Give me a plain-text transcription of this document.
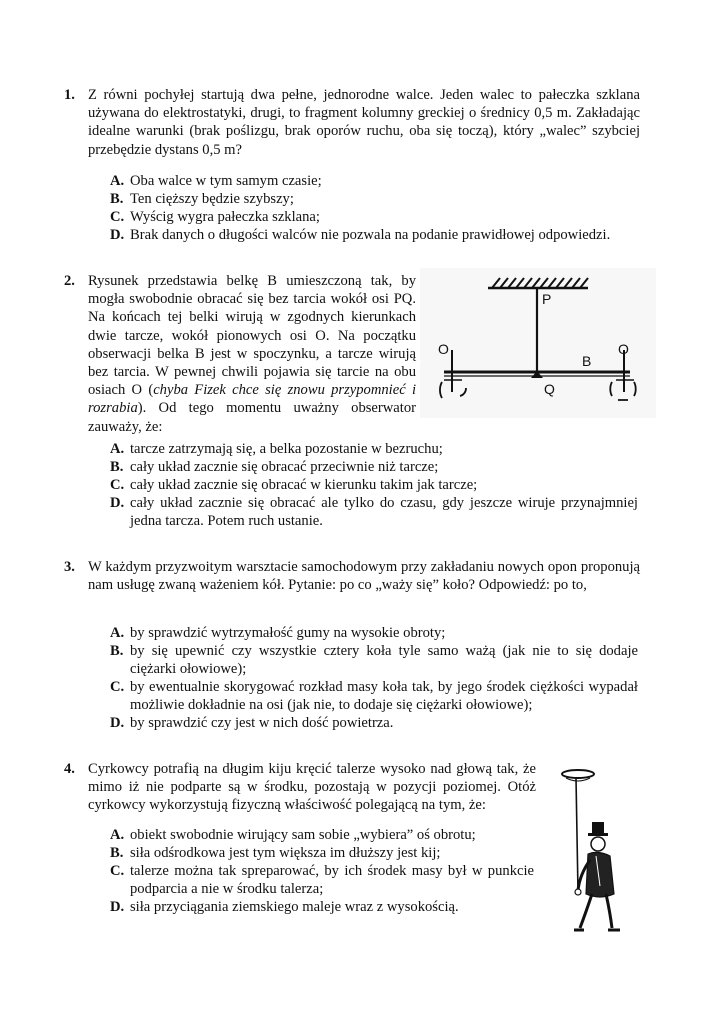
1. Z równi pochyłej startują dwa pełne, jednorodne walce. Jeden walec to pałeczka szklana używana do elektrostatyki, drugi, to fragment kolumny greckiej o średnicy 0,5 m. Zakładając idealne warunki (brak poślizgu, brak oporów ruchu, oba się toczą), który „walec” szybciej przebędzie dystans 0,5 m?
A. Oba walce w tym samym czasie;
B. Ten cięższy będzie szybszy;
C. Wyścig wygra pałeczka szklana;
D. Brak danych o długości walców nie pozwala na podanie prawidłowej odpowiedzi.
2. Rysunek przedstawia belkę B umieszczoną tak, by mogła swobodnie obracać się bez tarcia wokół osi PQ. Na końcach tej belki wirują w zgodnych kierunkach dwie tarcze, wokół pionowych osi O. Na początku obserwacji belka B jest w spoczynku, a tarcze wirują bez tarcia. W pewnej chwili pojawia się tarcie na obu osiach O (chyba Fizek chce się znowu przypomnieć i rozrabia). Od tego momentu uważny obserwator zauważy, że:
A. tarcze zatrzymają się, a belka pozostanie w bezruchu;
B. cały układ zacznie się obracać przeciwnie niż tarcze;
C. cały układ zacznie się obracać w kierunku takim jak tarcze;
D. cały układ zacznie się obracać ale tylko do czasu, gdy jeszcze wiruje przynajmniej jedna tarcza. Potem ruch ustanie.
P
Q
B
O	O
3. W każdym przyzwoitym warsztacie samochodowym przy zakładaniu nowych opon proponują nam usługę zwaną ważeniem kół. Pytanie: po co „waży się” koło? Odpowiedź: po to,
A. by sprawdzić wytrzymałość gumy na wysokie obroty;
B. by się upewnić czy wszystkie cztery koła tyle samo ważą (jak nie to się dodaje ciężarki ołowiowe);
C. by ewentualnie skorygować rozkład masy koła tak, by jego środek ciężkości wypadał możliwie dokładnie na osi (jak nie, to dodaje się ciężarki ołowiowe);
D. by sprawdzić czy jest w nich dość powietrza.
4. Cyrkowcy potrafią na długim kiju kręcić talerze wysoko nad głową tak, że mimo iż nie podparte są w środku, pozostają w pozycji poziomej. Otóż cyrkowcy wykorzystują fizyczną właściwość polegającą na tym, że:
A. obiekt swobodnie wirujący sam sobie „wybiera” oś obrotu;
B. siła odśrodkowa jest tym większa im dłuższy jest kij;
C. talerze można tak spreparować, by ich środek masy był w punkcie podparcia a nie w środku talerza;
D. siła przyciągania ziemskiego maleje wraz z wysokością.
